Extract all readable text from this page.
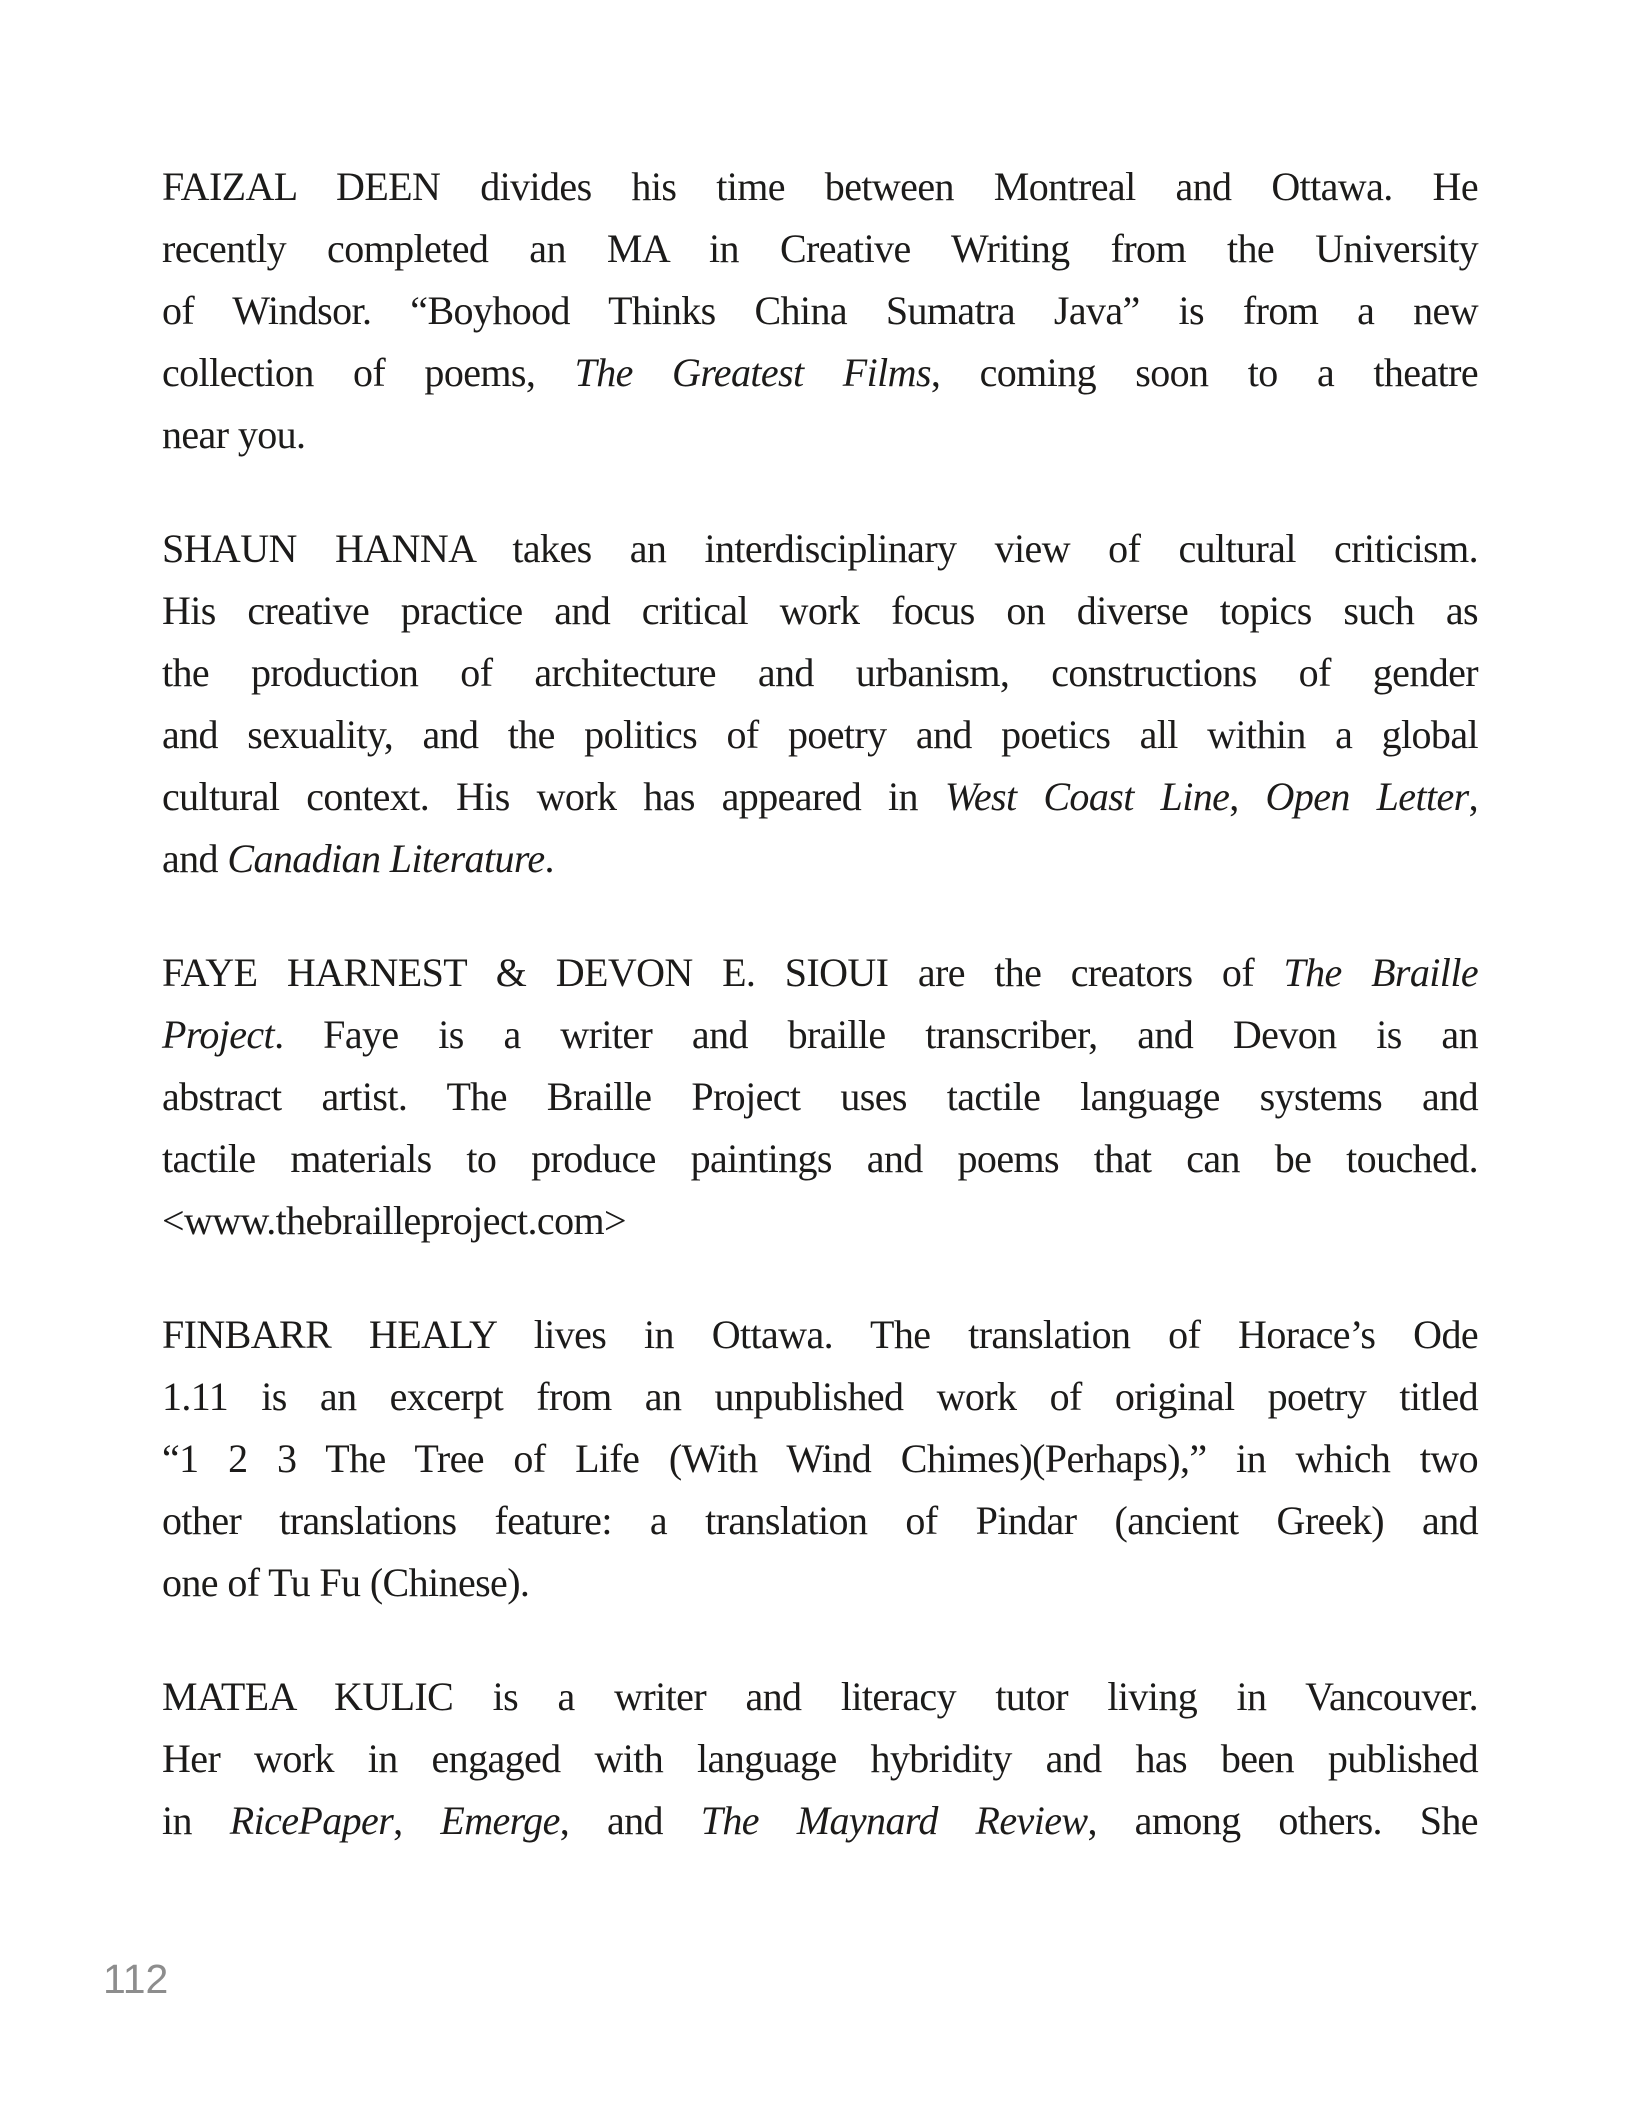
FAIZAL DEEN divides his time between Montreal and Ottawa. He
recently completed an MA in Creative Writing from the University
of Windsor. “Boyhood Thinks China Sumatra Java” is from a new
collection of poems, The Greatest Films, coming soon to a theatre
near you.
SHAUN HANNA takes an interdisciplinary view of cultural criticism.
His creative practice and critical work focus on diverse topics such as
the production of architecture and urbanism, constructions of gender
and sexuality, and the politics of poetry and poetics all within a global
cultural context. His work has appeared in West Coast Line, Open Letter,
and Canadian Literature.
FAYE HARNEST & DEVON E. SIOUI are the creators of The Braille
Project. Faye is a writer and braille transcriber, and Devon is an
abstract artist. The Braille Project uses tactile language systems and
tactile materials to produce paintings and poems that can be touched.
<www.thebrailleproject.com>
FINBARR HEALY lives in Ottawa. The translation of Horace’s Ode
1.11 is an excerpt from an unpublished work of original poetry titled
“1 2 3 The Tree of Life (With Wind Chimes)(Perhaps),” in which two
other translations feature: a translation of Pindar (ancient Greek) and
one of Tu Fu (Chinese).
MATEA KULIC is a writer and literacy tutor living in Vancouver.
Her work in engaged with language hybridity and has been published
in RicePaper, Emerge, and The Maynard Review, among others. She
112
